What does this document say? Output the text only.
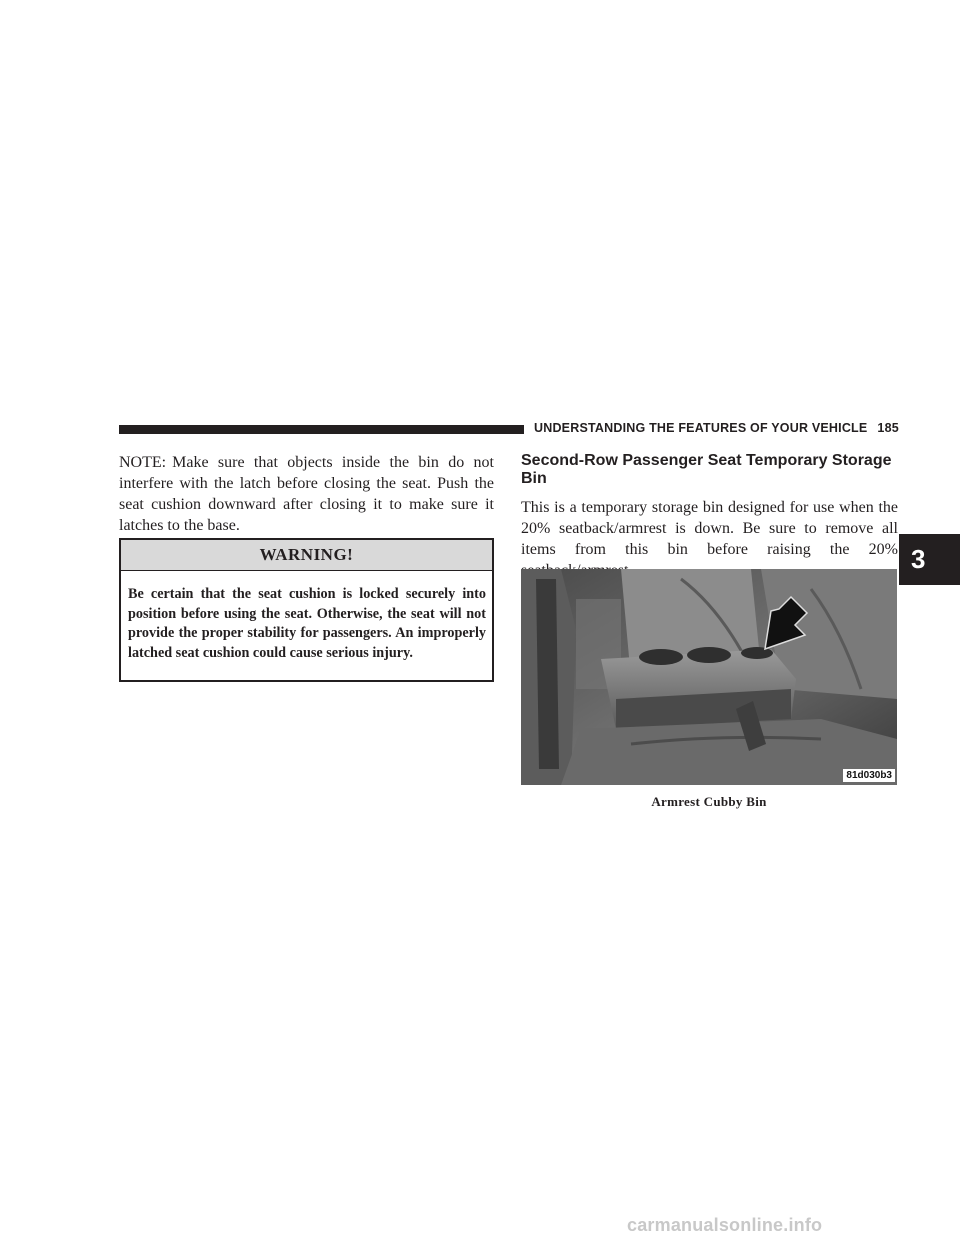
UNDERSTANDING THE FEATURES OF YOUR VEHICLE 185
3

NOTE: Make sure that objects inside the bin do not interfere with the latch before closing the seat. Push the seat cushion downward after closing it to make sure it latches to the base.

WARNING!
Be certain that the seat cushion is locked securely into position before using the seat. Otherwise, the seat will not provide the proper stability for passengers. An improperly latched seat cushion could cause serious injury.
Second-Row Passenger Seat Temporary Storage Bin

This is a temporary storage bin designed for use when the 20% seatback/armrest is down. Be sure to remove all items from this bin before raising the 20%

81d030b3
Armrest Cubby Bin
carmanualsonline.info
